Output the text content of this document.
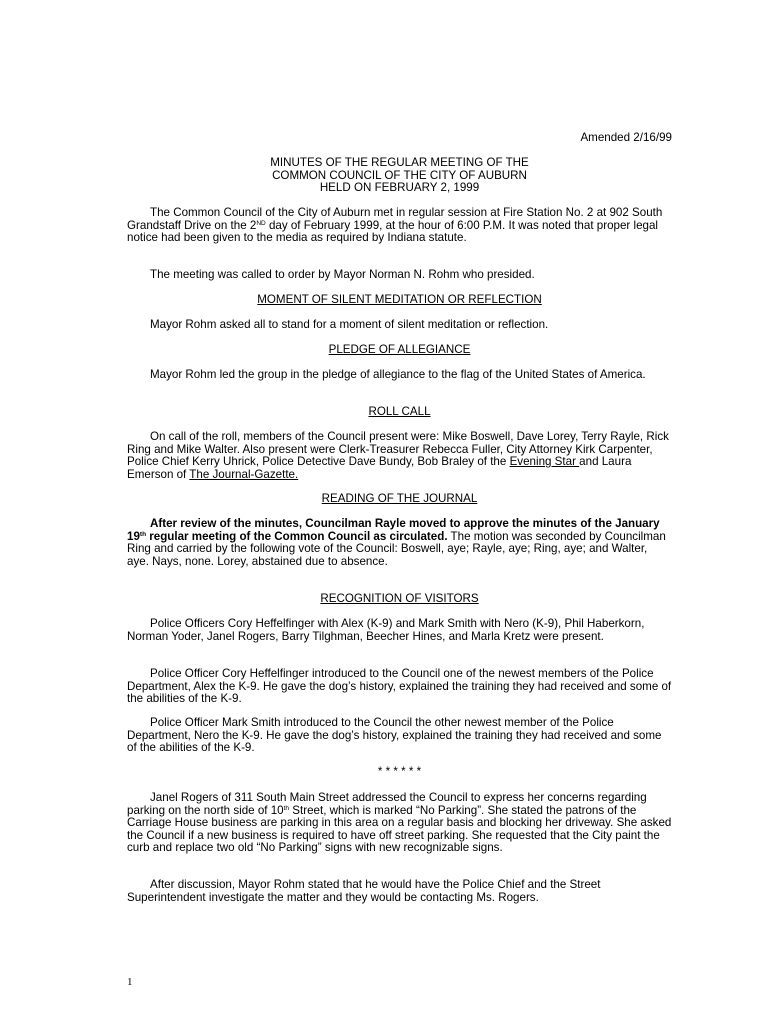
Amended 2/16/99
MINUTES OF THE REGULAR MEETING OF THE
COMMON COUNCIL OF THE CITY OF AUBURN
HELD ON FEBRUARY 2, 1999

The Common Council of the City of Auburn met in regular session at Fire Station No. 2 at 902 South Grandstaff Drive on the 2ND day of February 1999, at the hour of 6:00 P.M. It was noted that proper legal notice had been given to the media as required by Indiana statute.

The meeting was called to order by Mayor Norman N. Rohm who presided.

MOMENT OF SILENT MEDITATION OR REFLECTION

Mayor Rohm asked all to stand for a moment of silent meditation or reflection.

PLEDGE OF ALLEGIANCE

Mayor Rohm led the group in the pledge of allegiance to the flag of the United States of America.

ROLL CALL

On call of the roll, members of the Council present were: Mike Boswell, Dave Lorey, Terry Rayle, Rick Ring and Mike Walter. Also present were Clerk-Treasurer Rebecca Fuller, City Attorney Kirk Carpenter, Police Chief Kerry Uhrick, Police Detective Dave Bundy, Bob Braley of the Evening Star and Laura Emerson of The Journal-Gazette.

READING OF THE JOURNAL

After review of the minutes, Councilman Rayle moved to approve the minutes of the January 19th regular meeting of the Common Council as circulated. The motion was seconded by Councilman Ring and carried by the following vote of the Council: Boswell, aye; Rayle, aye; Ring, aye; and Walter, aye. Nays, none. Lorey, abstained due to absence.

RECOGNITION OF VISITORS

Police Officers Cory Heffelfinger with Alex (K-9) and Mark Smith with Nero (K-9), Phil Haberkorn, Norman Yoder, Janel Rogers, Barry Tilghman, Beecher Hines, and Marla Kretz were present.

Police Officer Cory Heffelfinger introduced to the Council one of the newest members of the Police Department, Alex the K-9. He gave the dog’s history, explained the training they had received and some of the abilities of the K-9.

Police Officer Mark Smith introduced to the Council the other newest member of the Police Department, Nero the K-9. He gave the dog’s history, explained the training they had received and some of the abilities of the K-9.

* * * * * *

Janel Rogers of 311 South Main Street addressed the Council to express her concerns regarding parking on the north side of 10th Street, which is marked “No Parking”. She stated the patrons of the Carriage House business are parking in this area on a regular basis and blocking her driveway. She asked the Council if a new business is required to have off street parking. She requested that the City paint the curb and replace two old “No Parking” signs with new recognizable signs.

After discussion, Mayor Rohm stated that he would have the Police Chief and the Street Superintendent investigate the matter and they would be contacting Ms. Rogers.

1
